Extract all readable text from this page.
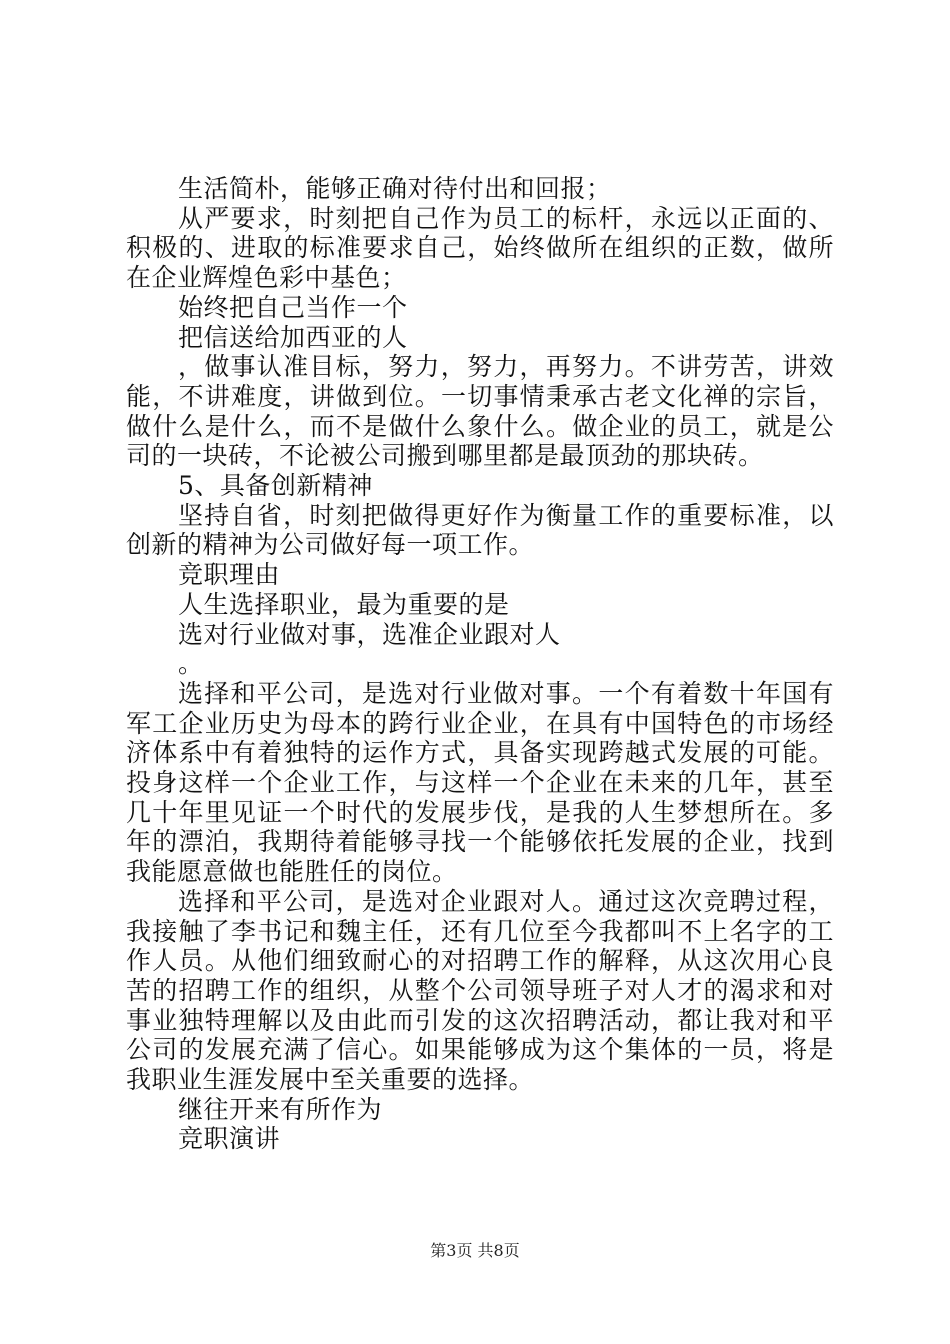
生活简朴，能够正确对待付出和回报；
从严要求，时刻把自己作为员工的标杆，永远以正面的、
积极的、进取的标准要求自己，始终做所在组织的正数，做所
在企业辉煌色彩中基色；
始终把自己当作一个
把信送给加西亚的人
，做事认准目标，努力，努力，再努力。不讲劳苦，讲效
能，不讲难度，讲做到位。一切事情秉承古老文化禅的宗旨，
做什么是什么，而不是做什么象什么。做企业的员工，就是公
司的一块砖，不论被公司搬到哪里都是最顶劲的那块砖。
5、具备创新精神
坚持自省，时刻把做得更好作为衡量工作的重要标准，以
创新的精神为公司做好每一项工作。
竞职理由
人生选择职业，最为重要的是
选对行业做对事，选准企业跟对人
。
选择和平公司，是选对行业做对事。一个有着数十年国有
军工企业历史为母本的跨行业企业，在具有中国特色的市场经
济体系中有着独特的运作方式，具备实现跨越式发展的可能。
投身这样一个企业工作，与这样一个企业在未来的几年，甚至
几十年里见证一个时代的发展步伐，是我的人生梦想所在。多
年的漂泊，我期待着能够寻找一个能够依托发展的企业，找到
我能愿意做也能胜任的岗位。
选择和平公司，是选对企业跟对人。通过这次竞聘过程，
我接触了李书记和魏主任，还有几位至今我都叫不上名字的工
作人员。从他们细致耐心的对招聘工作的解释，从这次用心良
苦的招聘工作的组织，从整个公司领导班子对人才的渴求和对
事业独特理解以及由此而引发的这次招聘活动，都让我对和平
公司的发展充满了信心。如果能够成为这个集体的一员，将是
我职业生涯发展中至关重要的选择。
继往开来有所作为
竞职演讲
第3页 共8页
